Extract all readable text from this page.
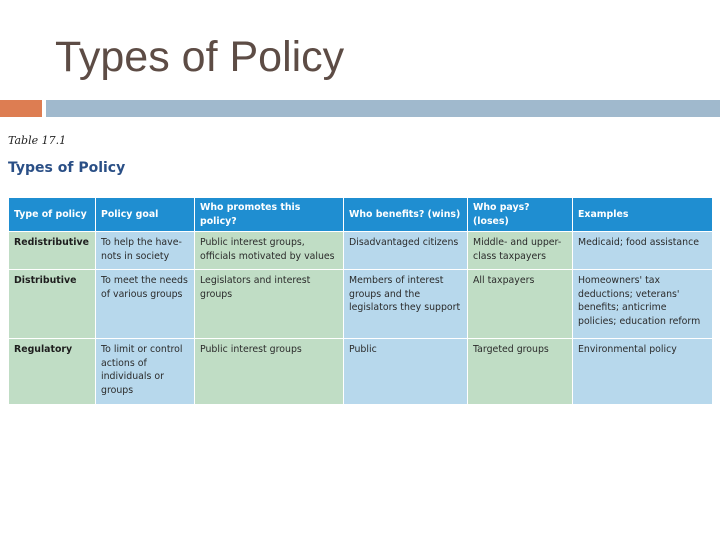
Types of Policy
Table 17.1
Types of Policy
Type of policy	Policy goal	Who promotes this policy?	Who benefits? (wins)	Who pays? (loses)	Examples
Redistributive	To help the have-nots in society	Public interest groups, officials motivated by values	Disadvantaged citizens	Middle- and upper-class taxpayers	Medicaid; food assistance
Distributive	To meet the needs of various groups	Legislators and interest groups	Members of interest groups and the legislators they support	All taxpayers	Homeowners' tax deductions; veterans' benefits; anticrime policies; education reform
Regulatory	To limit or control actions of individuals or groups	Public interest groups	Public	Targeted groups	Environmental policy
